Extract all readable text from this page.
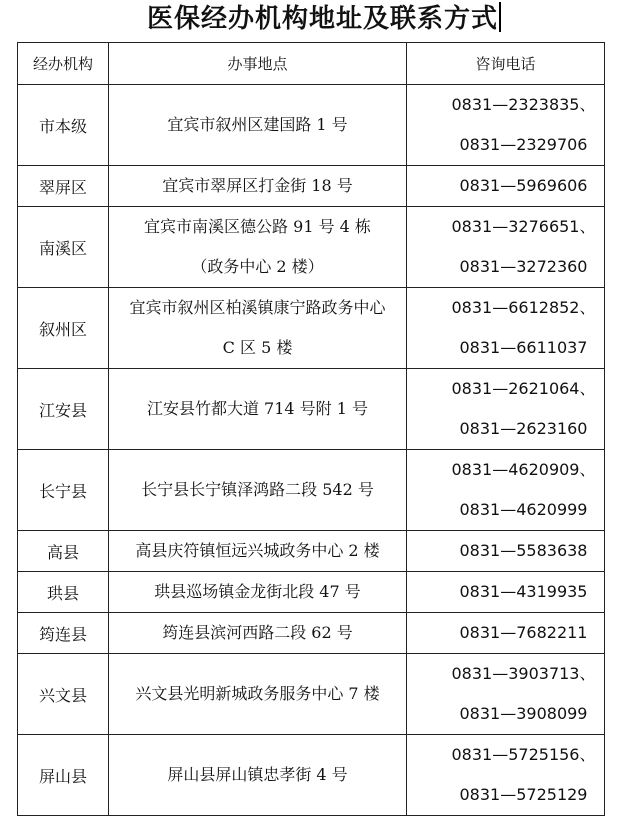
医保经办机构地址及联系方式
经办机构	办事地点	咨询电话
市本级	宜宾市叙州区建国路 1 号	0831—2323835、
0831—2329706

翠屏区	宜宾市翠屏区打金街 18 号	0831—5969606

南溪区	宜宾市南溪区德公路 91 号 4 栋
（政务中心 2 楼）	0831—3276651、
0831—3272360

叙州区	宜宾市叙州区柏溪镇康宁路政务中心
C 区 5 楼	0831—6612852、
0831—6611037

江安县	江安县竹都大道 714 号附 1 号	0831—2621064、
0831—2623160

长宁县	长宁县长宁镇泽鸿路二段 542 号	0831—4620909、
0831—4620999

高县	高县庆符镇恒远兴城政务中心 2 楼	0831—5583638

珙县	珙县巡场镇金龙街北段 47 号	0831—4319935

筠连县	筠连县滨河西路二段 62 号	0831—7682211

兴文县	兴文县光明新城政务服务中心 7 楼	0831—3903713、
0831—3908099

屏山县	屏山县屏山镇忠孝街 4 号	0831—5725156、
0831—5725129
